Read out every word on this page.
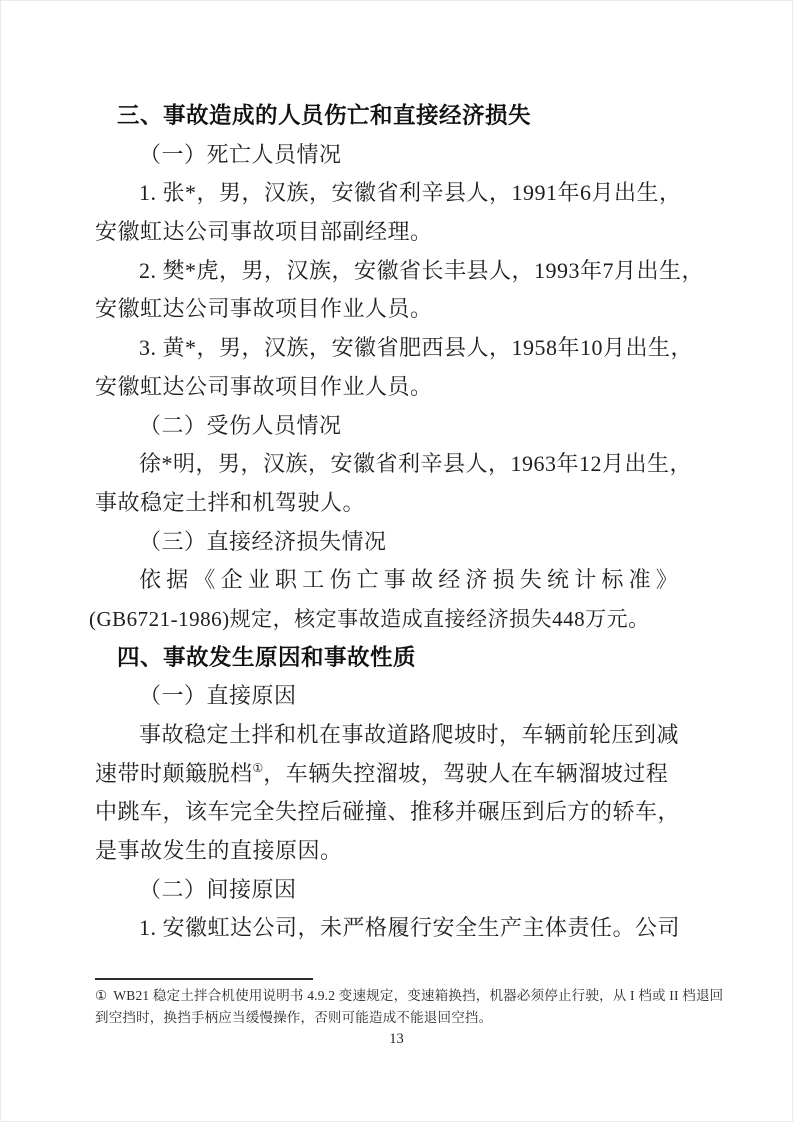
三、事故造成的人员伤亡和直接经济损失

（一）死亡人员情况

1. 张*，男，汉族，安徽省利辛县人，1991年6月出生，

安徽虹达公司事故项目部副经理。

2. 樊*虎，男，汉族，安徽省长丰县人，1993年7月出生，

安徽虹达公司事故项目作业人员。

3. 黄*，男，汉族，安徽省肥西县人，1958年10月出生，

安徽虹达公司事故项目作业人员。

（二）受伤人员情况

徐*明，男，汉族，安徽省利辛县人，1963年12月出生，

事故稳定土拌和机驾驶人。

（三）直接经济损失情况

依据《企业职工伤亡事故经济损失统计标准》

(GB6721-1986)规定，核定事故造成直接经济损失448万元。

四、事故发生原因和事故性质

（一）直接原因

事故稳定土拌和机在事故道路爬坡时，车辆前轮压到减

速带时颠簸脱档①，车辆失控溜坡，驾驶人在车辆溜坡过程

中跳车，该车完全失控后碰撞、推移并碾压到后方的轿车，

是事故发生的直接原因。

（二）间接原因

1. 安徽虹达公司，未严格履行安全生产主体责任。公司

① WB21 稳定土拌合机使用说明书 4.9.2 变速规定，变速箱换挡，机器必须停止行驶，从 I 档或 II 档退回

到空挡时，换挡手柄应当缓慢操作，否则可能造成不能退回空挡。

13
